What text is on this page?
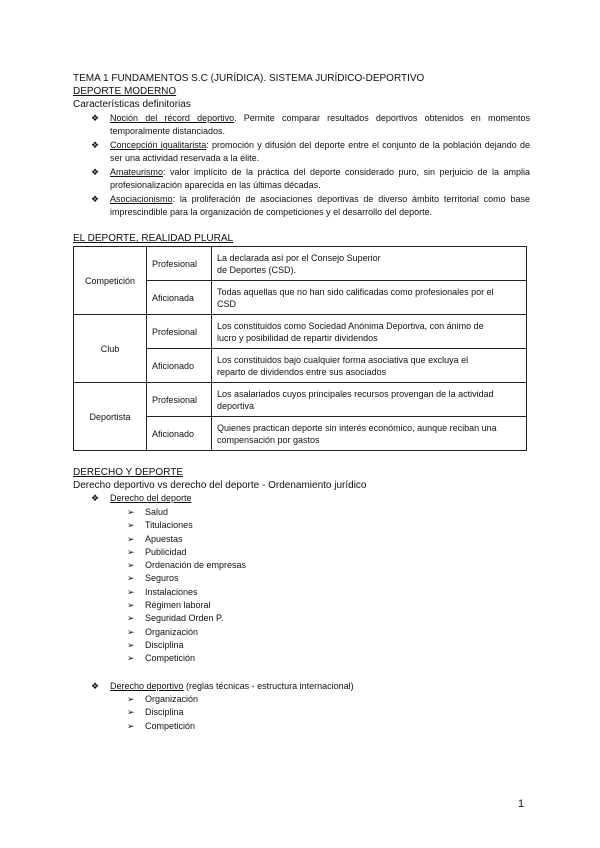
TEMA 1 FUNDAMENTOS S.C (JURÍDICA). SISTEMA JURÍDICO-DEPORTIVO
DEPORTE MODERNO
Características definitorias
❖ Noción del récord deportivo. Permite comparar resultados deportivos obtenidos en momentos temporalmente distanciados.
❖ Concepción igualitarista: promoción y difusión del deporte entre el conjunto de la población dejando de ser una actividad reservada a la élite.
❖ Amateurismo: valor implícito de la práctica del deporte considerado puro, sin perjuicio de la amplia profesionalización aparecida en las últimas décadas.
❖ Asociacionismo: la proliferación de asociaciones deportivas de diverso ámbito territorial como base imprescindible para la organización de competiciones y el desarrollo del deporte.
EL DEPORTE, REALIDAD PLURAL
Competición	Profesional	La declarada así por el Consejo Superior
de Deportes (CSD).
	Aficionada	Todas aquellas que no han sido calificadas como profesionales por el
CSD
Club	Profesional	Los constituidos como Sociedad Anónima Deportiva, con ánimo de
lucro y posibilidad de repartir dividendos
	Aficionado	Los constituidos bajo cualquier forma asociativa que excluya el
reparto de dividendos entre sus asociados
Deportista	Profesional	Los asalariados cuyos principales recursos provengan de la actividad
deportiva
	Aficionado	Quienes practican deporte sin interés económico, aunque reciban una
compensación por gastos
DERECHO Y DEPORTE
Derecho deportivo vs derecho del deporte - Ordenamiento jurídico
❖ Derecho del deporte
➢ Salud
➢ Titulaciones
➢ Apuestas
➢ Publicidad
➢ Ordenación de empresas
➢ Seguros
➢ Instalaciones
➢ Régimen laboral
➢ Seguridad Orden P.
➢ Organización
➢ Disciplina
➢ Competición
❖ Derecho deportivo (reglas técnicas - estructura internacional)
➢ Organización
➢ Disciplina
➢ Competición
1
